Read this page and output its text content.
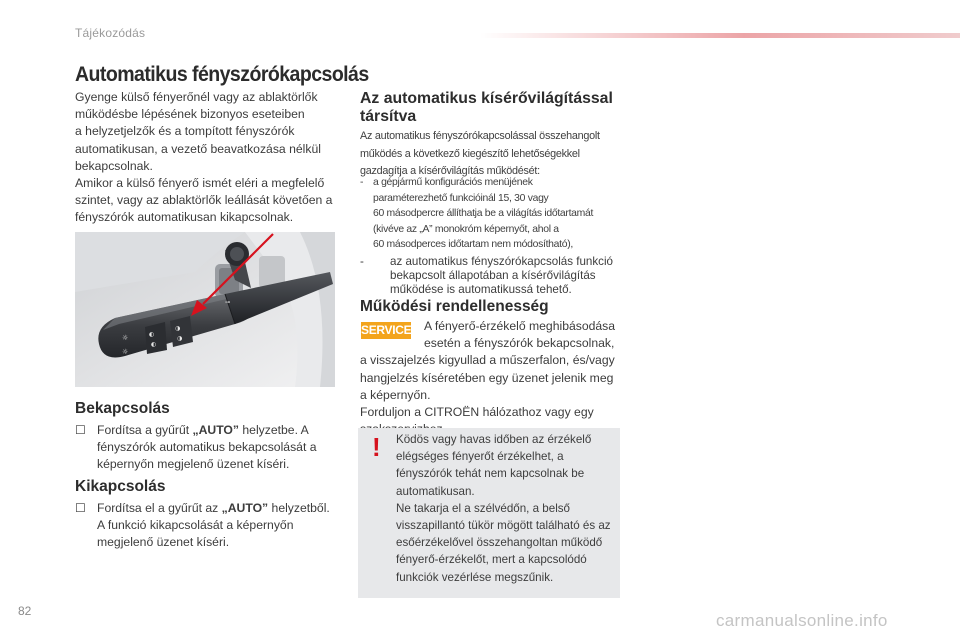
Tájékozódás
Automatikus fényszórókapcsolás
Gyenge külső fényerőnél vagy az ablaktörlők
működésbe lépésének bizonyos eseteiben
a helyzetjelzők és a tompított fényszórók
automatikusan, a vezető beavatkozása nélkül
bekapcsolnak.
Amikor a külső fényerő ismét eléri a megfelelő
szintet, vagy az ablaktörlők leállását követően a
fényszórók automatikusan kikapcsolnak.
☼
☼
◐
◐
◑
◑
⊸
Bekapcsolás
☐ Fordítsa a gyűrűt „AUTO” helyzetbe. A
fényszórók automatikus bekapcsolását a
képernyőn megjelenő üzenet kíséri.
Kikapcsolás
☐ Fordítsa el a gyűrűt az „AUTO” helyzetből.
A funkció kikapcsolását a képernyőn
megjelenő üzenet kíséri.
Az automatikus kísérővilágítással
társítva
Az automatikus fényszórókapcsolással összehangolt
működés a következő kiegészítő lehetőségekkel
gazdagítja a kísérővilágítás működését:
- a gépjármű konfigurációs menüjének
paraméterezhető funkcióinál 15, 30 vagy
60 másodpercre állíthatja be a világítás időtartamát
(kivéve az „A” monokróm képernyőt, ahol a
60 másodperces időtartam nem módosítható),
- az automatikus fényszórókapcsolás funkció
bekapcsolt állapotában a kísérővilágítás
működése is automatikussá tehető.
Működési rendellenesség
SERVICE	A fényerő-érzékelő meghibásodása
esetén a fényszórók bekapcsolnak,
a visszajelzés kigyullad a műszerfalon, és/vagy
hangjelzés kíséretében egy üzenet jelenik meg
a képernyőn.
Forduljon a CITROËN hálózathoz vagy egy
! Ködös vagy havas időben az érzékelő
elégséges fényerőt érzékelhet, a
fényszórók tehát nem kapcsolnak be
automatikusan.
Ne takarja el a szélvédőn, a belső
visszapillantó tükör mögött található és az
esőérzékelővel összehangoltan működő
fényerő-érzékelőt, mert a kapcsolódó
funkciók vezérlése megszűnik.
82	carmanualsonline.info
